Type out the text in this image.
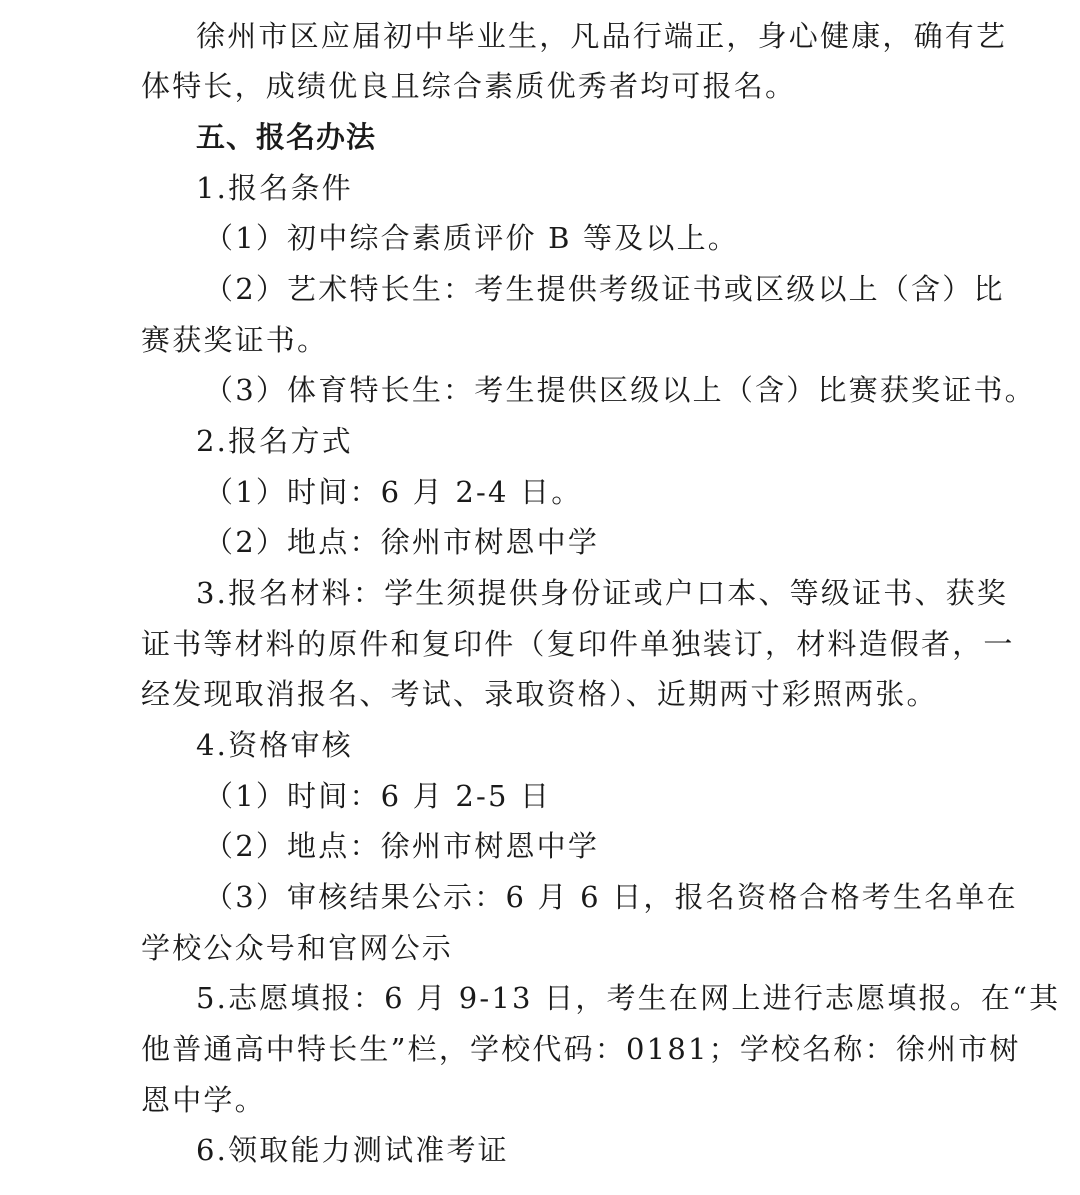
徐州市区应届初中毕业生，凡品行端正，身心健康，确有艺
体特长，成绩优良且综合素质优秀者均可报名。
五、报名办法
1.报名条件
（1）初中综合素质评价 B 等及以上。
（2）艺术特长生：考生提供考级证书或区级以上（含）比
赛获奖证书。
（3）体育特长生：考生提供区级以上（含）比赛获奖证书。
2.报名方式
（1）时间：6 月 2-4 日。
（2）地点：徐州市树恩中学
3.报名材料：学生须提供身份证或户口本、等级证书、获奖
证书等材料的原件和复印件（复印件单独装订，材料造假者，一
经发现取消报名、考试、录取资格）、近期两寸彩照两张。
4.资格审核
（1）时间：6 月 2-5 日
（2）地点：徐州市树恩中学
（3）审核结果公示：6 月 6 日，报名资格合格考生名单在
学校公众号和官网公示
5.志愿填报：6 月 9-13 日，考生在网上进行志愿填报。在“其
他普通高中特长生”栏，学校代码：0181；学校名称：徐州市树
恩中学。
6.领取能力测试准考证
